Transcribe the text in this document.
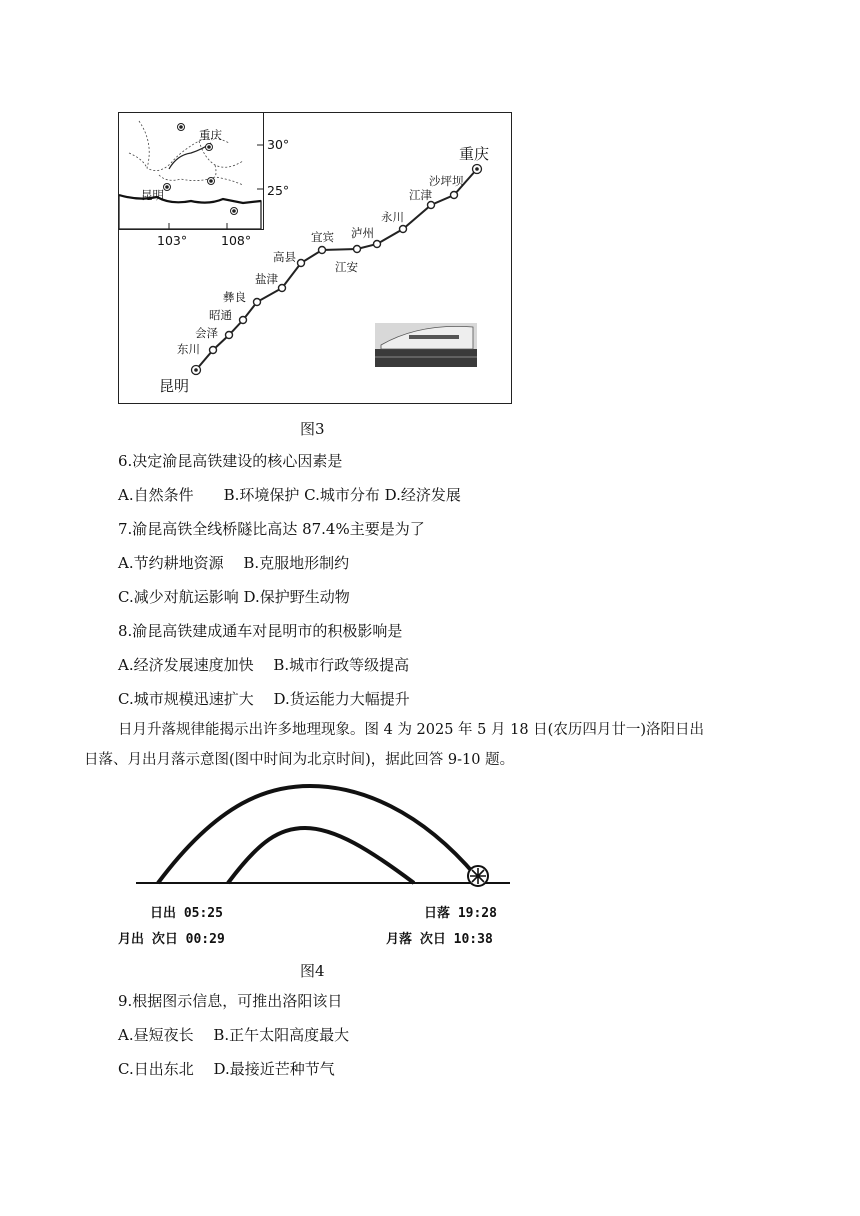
重庆
昆明
30°
25°
103°	108°
重庆
昆明
沙坪坝
江津
永川
泸州
江安
宜宾
高县
盐津
彝良
昭通
会泽
东川
图3
6.决定渝昆高铁建设的核心因素是
A.自然条件　　B.环境保护 C.城市分布 D.经济发展
7.渝昆高铁全线桥隧比高达 87.4%主要是为了
A.节约耕地资源　 B.克服地形制约
C.减少对航运影响 D.保护野生动物
8.渝昆高铁建成通车对昆明市的积极影响是
A.经济发展速度加快　 B.城市行政等级提高
C.城市规模迅速扩大　 D.货运能力大幅提升
日月升落规律能揭示出许多地理现象。图 4 为 2025 年 5 月 18 日(农历四月廿一)洛阳日出
日落、月出月落示意图(图中时间为北京时间)，据此回答 9-10 题。
日出 05:25	日落 19:28
月出 次日 00:29	月落 次日 10:38
图4
9.根据图示信息，可推出洛阳该日
A.昼短夜长　 B.正午太阳高度最大
C.日出东北　 D.最接近芒种节气
